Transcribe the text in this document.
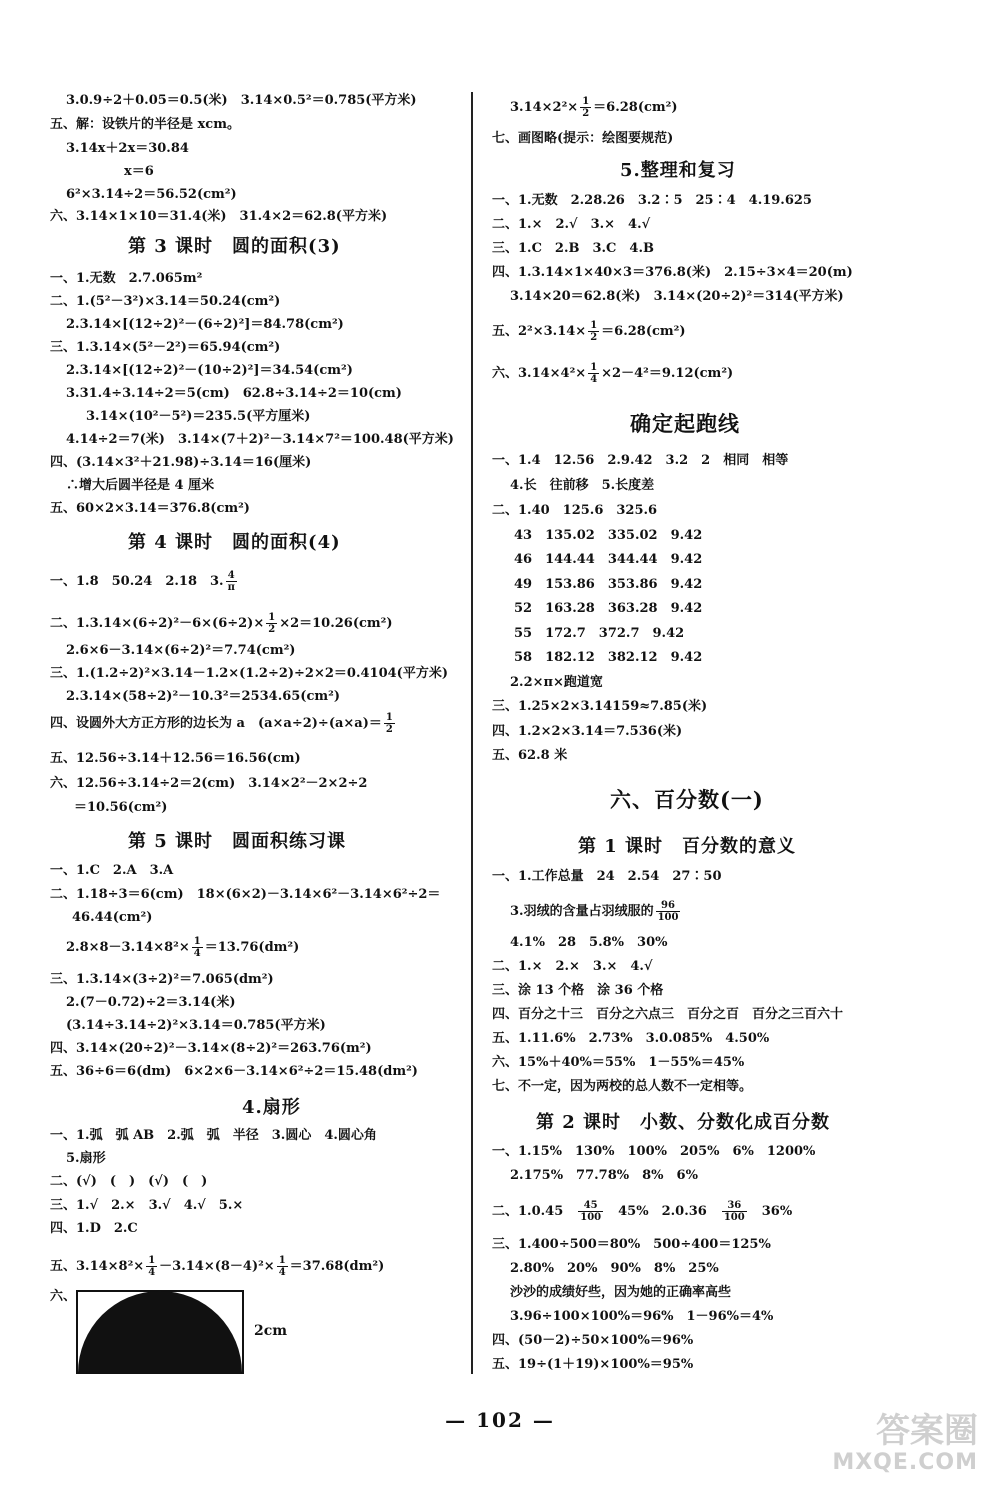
3.0.9÷2＋0.05＝0.5(米)　3.14×0.5²＝0.785(平方米)
五、解：设铁片的半径是 xcm。
3.14x＋2x＝30.84
x＝6
6²×3.14÷2＝56.52(cm²)
六、3.14×1×10＝31.4(米)　31.4×2＝62.8(平方米)
第 3 课时　圆的面积(3)
一、1.无数　2.7.065m²
二、1.(5²－3²)×3.14＝50.24(cm²)
2.3.14×[(12÷2)²－(6÷2)²]＝84.78(cm²)
三、1.3.14×(5²－2²)＝65.94(cm²)
2.3.14×[(12÷2)²－(10÷2)²]＝34.54(cm²)
3.31.4÷3.14÷2＝5(cm)　62.8÷3.14÷2＝10(cm)
3.14×(10²－5²)＝235.5(平方厘米)
4.14÷2＝7(米)　3.14×(7＋2)²－3.14×7²＝100.48(平方米)
四、(3.14×3²＋21.98)÷3.14＝16(厘米)
∴增大后圆半径是 4 厘米
五、60×2×3.14＝376.8(cm²)
第 4 课时　圆的面积(4)
一、1.8　50.24　2.18　3. $\frac{4}{\pi}$
二、$1.3.14\times(6\div 2)^2-6\times(6\div 2)\times \frac{1}{2} \times 2=10.26(cm^2)$
2.6×6－3.14×(6÷2)²＝7.74(cm²)
三、1.(1.2÷2)²×3.14－1.2×(1.2÷2)÷2×2＝0.4104(平方米)
2.3.14×(58÷2)²－10.3²＝2534.65(cm²)
四、设圆外大方正方形的边长为 a　$(a\times a\div 2)\div(a\times a)= \frac{1}{2}$
五、12.56÷3.14＋12.56＝16.56(cm)
六、12.56÷3.14÷2＝2(cm)　3.14×2²－2×2÷2
＝10.56(cm²)
第 5 课时　圆面积练习课
一、1.C　2.A　3.A
二、1.18÷3＝6(cm)　18×(6×2)－3.14×6²－3.14×6²÷2＝
46.44(cm²)
$2.8\times 8-3.14\times 8^2\times \frac{1}{4} =13.76(dm^2)$
三、1.3.14×(3÷2)²＝7.065(dm²)
2.(7－0.72)÷2＝3.14(米)
(3.14÷3.14÷2)²×3.14＝0.785(平方米)
四、3.14×(20÷2)²－3.14×(8÷2)²＝263.76(m²)
五、36÷6＝6(dm)　6×2×6－3.14×6²÷2＝15.48(dm²)
4.扇形
一、1.弧　弧 AB　2.弧　弧　半径　3.圆心　4.圆心角
5.扇形
二、(√)　(　)　(√)　(　)
三、1.√　2.×　3.√　4.√　5.×
四、1.D　2.C
五、$3.14\times 8^2\times \frac{1}{4} -3.14\times(8-4)^2\times \frac{1}{4} =37.68(dm^2)$
六、
2cm
$3.14\times 2^2\times \frac{1}{2} =6.28(cm^2)$
七、画图略(提示：绘图要规范)
5.整理和复习
一、1.无数　2.28.26　3.2∶5　25∶4　4.19.625
二、1.×　2.√　3.×　4.√
三、1.C　2.B　3.C　4.B
四、1.3.14×1×40×3＝376.8(米)　2.15÷3×4＝20(m)
3.14×20＝62.8(米)　3.14×(20÷2)²＝314(平方米)
五、$2^2\times 3.14\times \frac{1}{2} =6.28(cm^2)$
六、$3.14\times 4^2\times \frac{1}{4} \times 2-4^2=9.12(cm^2)$
确定起跑线
一、1.4　12.56　2.9.42　3.2　2　相同　相等
4.长　往前移　5.长度差
二、1.40　125.6　325.6
43　135.02　335.02　9.42
46　144.44　344.44　9.42
49　153.86　353.86　9.42
52　163.28　363.28　9.42
55　172.7　372.7　9.42
58　182.12　382.12　9.42
2.2×π×跑道宽
三、1.25×2×3.14159≈7.85(米)
四、1.2×2×3.14＝7.536(米)
五、62.8 米
六、百分数(一)
第 1 课时　百分数的意义
一、1.工作总量　24　2.54　27∶50
3.羽绒的含量占羽绒服的 $\frac{96}{100}$
4.1%　28　5.8%　30%
二、1.×　2.×　3.×　4.√
三、涂 13 个格　涂 36 个格
四、百分之十三　百分之六点三　百分之百　百分之三百六十
五、1.11.6%　2.73%　3.0.085%　4.50%
六、15%＋40%＝55%　1－55%＝45%
七、不一定，因为两校的总人数不一定相等。
第 2 课时　小数、分数化成百分数
一、1.15%　130%　100%　205%　6%　1200%
2.175%　77.78%　8%　6%
二、1.0.45　 $\frac{45}{100}$
　 45%　2.0.36　 $\frac{36}{100}$
　 36%
三、1.400÷500＝80%　500÷400＝125%
2.80%　20%　90%　8%　25%
沙沙的成绩好些，因为她的正确率高些
3.96÷100×100%＝96%　1－96%＝4%
四、(50－2)÷50×100%＝96%
五、19÷(1＋19)×100%＝95%
— 102 —	答案圈
MXQE.COM
